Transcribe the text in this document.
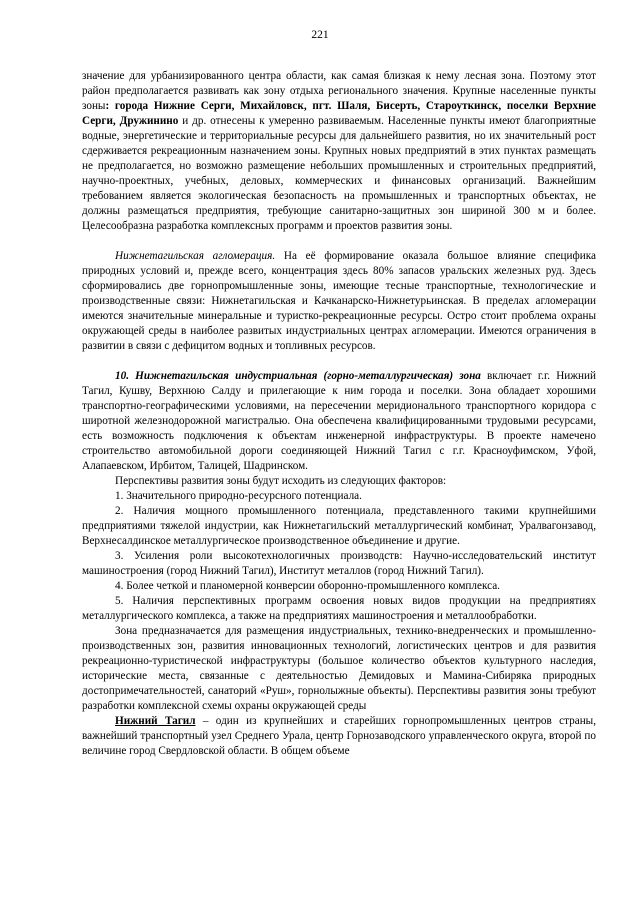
221

значение для урбанизированного центра области, как самая близкая к нему лесная зона. Поэтому этот район предполагается развивать как зону отдыха регионального значения. Крупные населенные пункты зоны: города Нижние Серги, Михайловск, пгт. Шаля, Бисерть, Староуткинск, поселки Верхние Серги, Дружинино и др. отнесены к умеренно развиваемым. Населенные пункты имеют благоприятные водные, энергетические и территориальные ресурсы для дальнейшего развития, но их значительный рост сдерживается рекреационным назначением зоны. Крупных новых предприятий в этих пунктах размещать не предполагается, но возможно размещение небольших промышленных и строительных предприятий, научно-проектных, учебных, деловых, коммерческих и финансовых организаций. Важнейшим требованием является экологическая безопасность на промышленных и транспортных объектах, не должны размещаться предприятия, требующие санитарно-защитных зон шириной 300 м и более. Целесообразна разработка комплексных программ и проектов развития зоны.

Нижнетагильская агломерация. На её формирование оказала большое влияние специфика природных условий и, прежде всего, концентрация здесь 80% запасов уральских железных руд. Здесь сформировались две горнопромышленные зоны, имеющие тесные транспортные, технологические и производственные связи: Нижнетагильская и Качканарско-Нижнетурьинская. В пределах агломерации имеются значительные минеральные и туристко-рекреационные ресурсы. Остро стоит проблема охраны окружающей среды в наиболее развитых индустриальных центрах агломерации. Имеются ограничения в развитии в связи с дефицитом водных и топливных ресурсов.

10. Нижнетагильская индустриальная (горно-металлургическая) зона включает г.г. Нижний Тагил, Кушву, Верхнюю Салду и прилегающие к ним города и поселки. Зона обладает хорошими транспортно-географическими условиями, на пересечении меридионального транспортного коридора с широтной железнодорожной магистралью. Она обеспечена квалифицированными трудовыми ресурсами, есть возможность подключения к объектам инженерной инфраструктуры. В проекте намечено строительство автомобильной дороги соединяющей Нижний Тагил с г.г. Красноуфимском, Уфой, Алапаевском, Ирбитом, Талицей, Шадринском.

Перспективы развития зоны будут исходить из следующих факторов:

1. Значительного природно-ресурсного потенциала.

2. Наличия мощного промышленного потенциала, представленного такими крупнейшими предприятиями тяжелой индустрии, как Нижнетагильский металлургический комбинат, Уралвагонзавод, Верхнесалдинское металлургическое производственное объединение и другие.

3. Усиления роли высокотехнологичных производств: Научно-исследовательский институт машиностроения (город Нижний Тагил), Институт металлов (город Нижний Тагил).

4. Более четкой и планомерной конверсии оборонно-промышленного комплекса.

5. Наличия перспективных программ освоения новых видов продукции на предприятиях металлургического комплекса, а также на предприятиях машиностроения и металлообработки.

Зона предназначается для размещения индустриальных, технико-внедренческих и промышленно-производственных зон, развития инновационных технологий, логистических центров и для развития рекреационно-туристической инфраструктуры (большое количество объектов культурного наследия, исторические места, связанные с деятельностью Демидовых и Мамина-Сибиряка природных достопримечательностей, санаторий «Руш», горнолыжные объекты). Перспективы развития зоны требуют разработки комплексной схемы охраны окружающей среды

Нижний Тагил – один из крупнейших и старейших горнопромышленных центров страны, важнейший транспортный узел Среднего Урала, центр Горнозаводского управленческого округа, второй по величине город Свердловской области. В общем объеме
